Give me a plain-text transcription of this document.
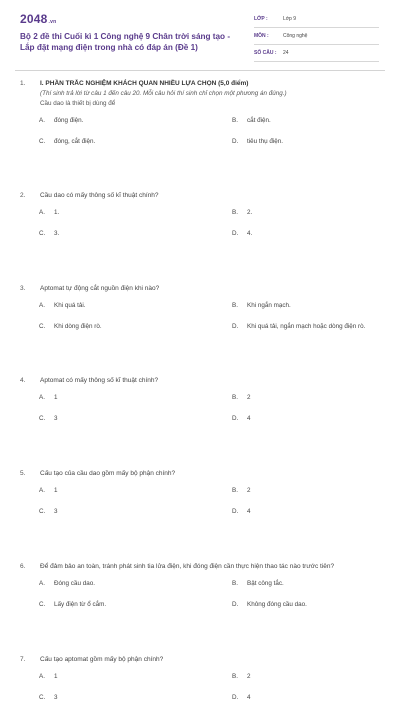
2048.vn
Bộ 2 đề thi Cuối kì 1 Công nghệ 9 Chân trời sáng tạo - Lắp đặt mạng điện trong nhà có đáp án (Đề 1)
LỚP :	Lớp 9
MÔN :	Công nghệ
SỐ CÂU : 24
1.	I. PHẦN TRẮC NGHIỆM KHÁCH QUAN NHIỀU LỰA CHỌN (5,0 điểm)
(Thí sinh trả lời từ câu 1 đến câu 20. Mỗi câu hỏi thí sinh chỉ chọn một phương án đúng.)
Cầu dao là thiết bị dùng để
A. đóng điện.	B. cắt điện.
C. đóng, cắt điện.	D. tiêu thụ điện.
2.	Cầu dao có mấy thông số kĩ thuật chính?
A. 1.	B. 2.
C. 3.	D. 4.
3.	Aptomat tự động cắt nguồn điện khi nào?
A. Khi quá tải.	B. Khi ngắn mạch.
C. Khi dòng điện rò.	D. Khi quá tải, ngắn mạch hoặc dòng điện rò.
4.	Aptomat có mấy thông số kĩ thuật chính?
A. 1	B. 2
C. 3	D. 4
5.	Cấu tạo của cầu dao gồm mấy bộ phận chính?
A. 1	B. 2
C. 3	D. 4
6.	Để đảm bảo an toàn, tránh phát sinh tia lửa điện, khi đóng điện cần thực hiện thao tác nào trước tiên?
A. Đóng cầu dao.	B. Bật công tắc.
C. Lấy điện từ ổ cắm.	D. Không đóng cầu dao.
7.	Cấu tạo aptomat gồm mấy bộ phận chính?
A. 1	B. 2
C. 3	D. 4
